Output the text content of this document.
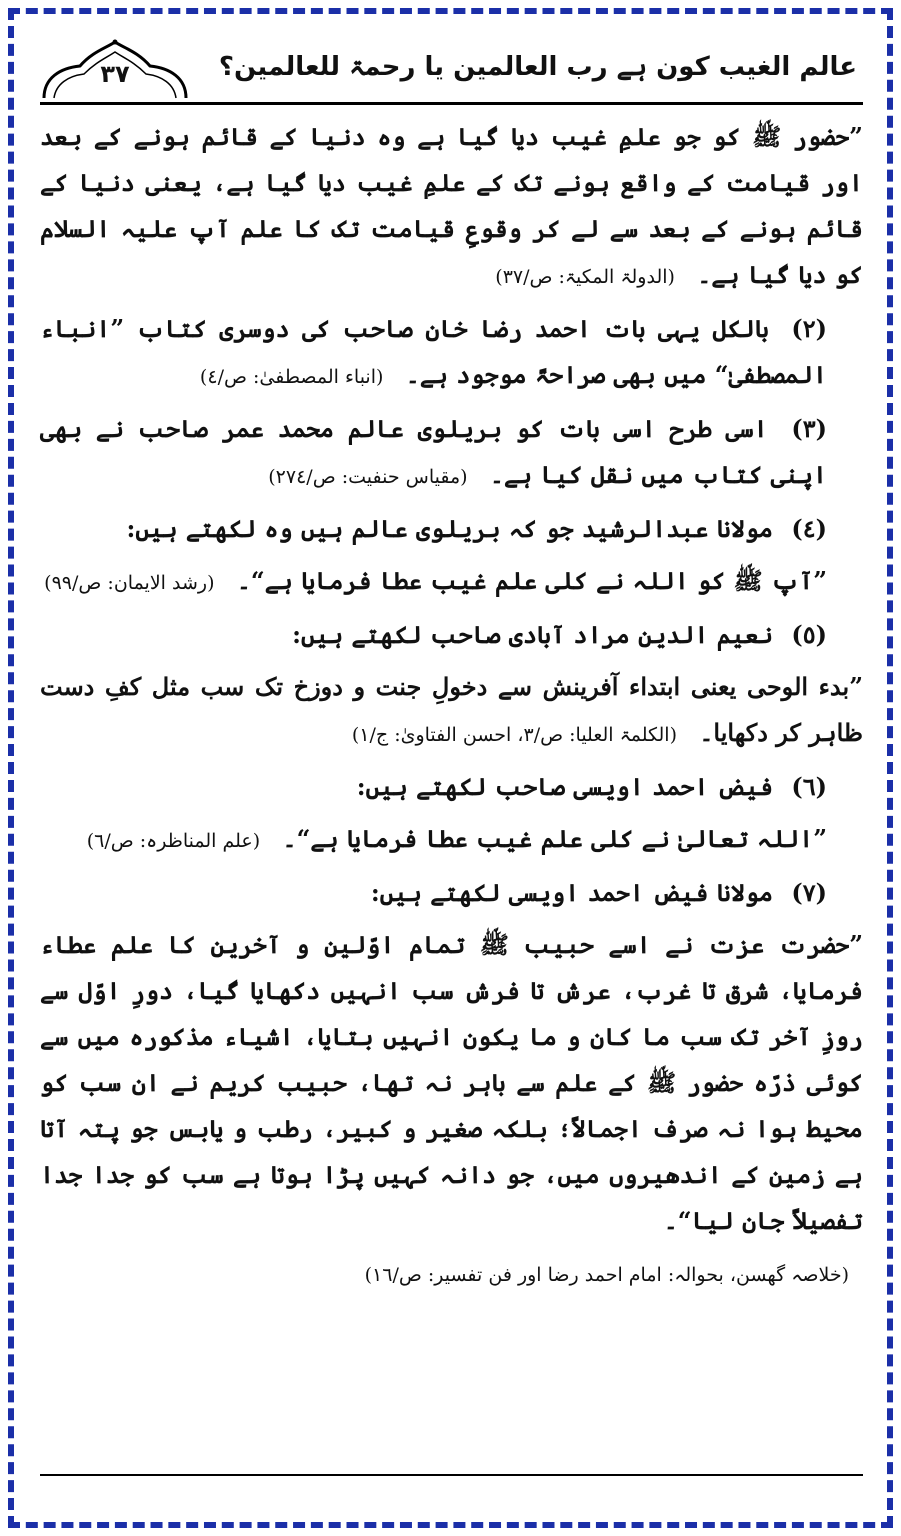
٣٧	عالم الغیب کون ہے رب العالمین یا رحمۃ للعالمین؟

”حضور ﷺ کو جو علمِ غیب دیا گیا ہے وہ دنیا کے قائم ہونے کے بعد اور قیامت کے واقع ہونے تک کے علمِ غیب دیا گیا ہے، یعنی دنیا کے قائم ہونے کے بعد سے لے کر وقوعِ قیامت تک کا علم آپ علیہ السلام کو دیا گیا ہے۔ (الدولۃ المکیۃ: ص/٣٧)

(٢) بالکل یہی بات احمد رضا خان صاحب کی دوسری کتاب ”انباء المصطفیٰ“ میں بھی صراحۃً موجود ہے۔ (انباء المصطفیٰ: ص/٤)

(٣) اسی طرح اسی بات کو بریلوی عالم محمد عمر صاحب نے بھی اپنی کتاب میں نقل کیا ہے۔ (مقیاس حنفیت: ص/٢٧٤)

(٤) مولانا عبدالرشید جو کہ بریلوی عالم ہیں وہ لکھتے ہیں:

”آپ ﷺ کو اللہ نے کلی علم غیب عطا فرمایا ہے“۔ (رشد الایمان: ص/٩٩)

(٥) نعیم الدین مراد آبادی صاحب لکھتے ہیں:

”بدء الوحی یعنی ابتداء آفرینش سے دخولِ جنت و دوزخ تک سب مثل کفِ دست ظاہر کر دکھایا۔ (الکلمۃ العلیا: ص/٣، احسن الفتاویٰ: ج/١)

(٦) فیض احمد اویسی صاحب لکھتے ہیں:

”اللہ تعالیٰ نے کلی علم غیب عطا فرمایا ہے“۔ (علم المناظرہ: ص/٦)

(٧) مولانا فیض احمد اویسی لکھتے ہیں:

”حضرت عزت نے اسے حبیب ﷺ تمام اوّلین و آخرین کا علم عطاء فرمایا، شرق تا غرب، عرش تا فرش سب انہیں دکھایا گیا، دورِ اوّل سے روزِ آخر تک سب ما کان و ما یکون انہیں بتایا، اشیاء مذکورہ میں سے کوئی ذرّہ حضور ﷺ کے علم سے باہر نہ تھا، حبیب کریم نے ان سب کو محیط ہوا نہ صرف اجمالاً؛ بلکہ صغیر و کبیر، رطب و یابس جو پتہ آتا ہے زمین کے اندھیروں میں، جو دانہ کہیں پڑا ہوتا ہے سب کو جدا جدا تفصیلاً جان لیا“۔

(خلاصہ گھسن، بحوالہ: امام احمد رضا اور فن تفسیر: ص/١٦)
